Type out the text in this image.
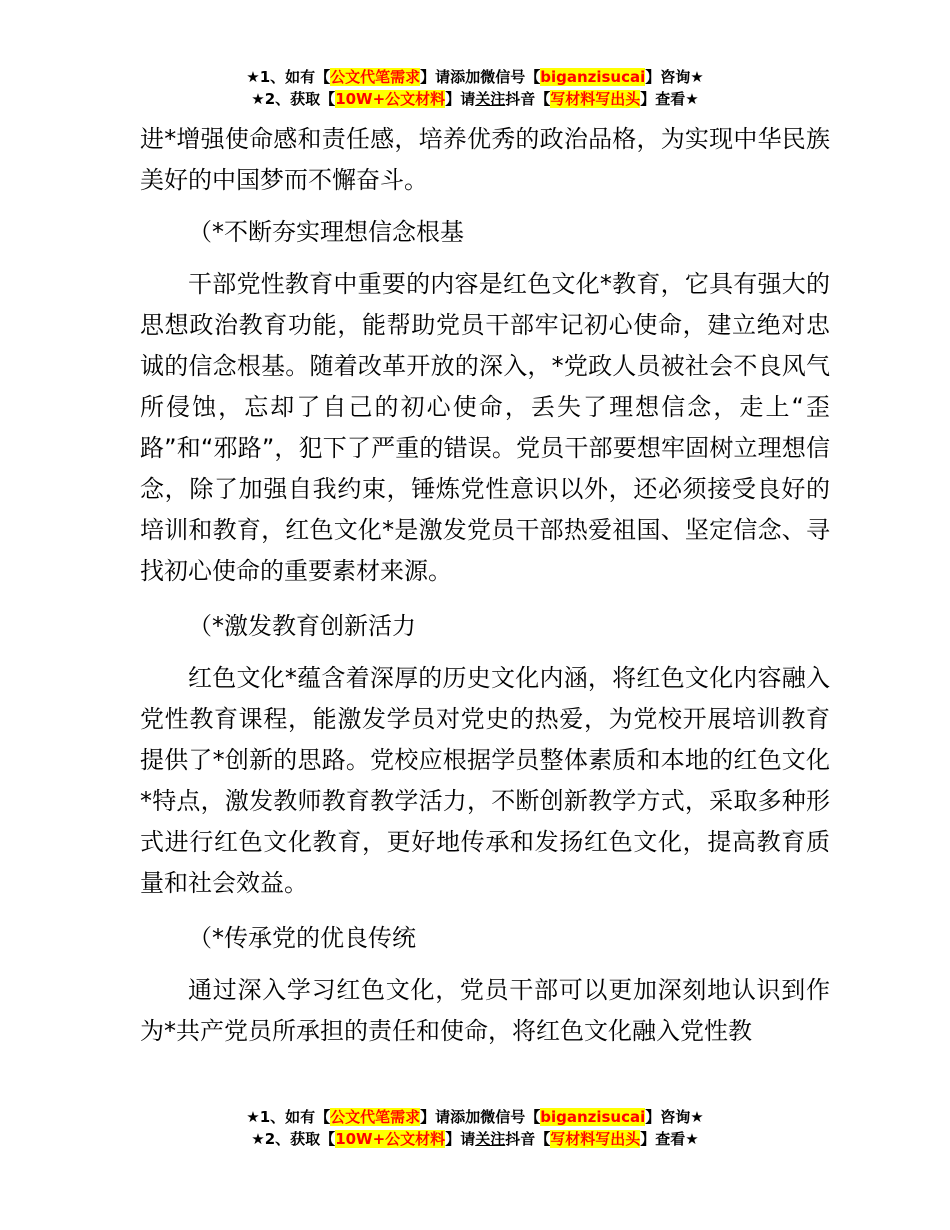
★1、如有【公文代笔需求】请添加微信号【biganzisucai】咨询★
★2、获取【10W+公文材料】请关注抖音【写材料写出头】查看★

进*增强使命感和责任感，培养优秀的政治品格，为实现中华民族美好的中国梦而不懈奋斗。

（*不断夯实理想信念根基

干部党性教育中重要的内容是红色文化*教育，它具有强大的思想政治教育功能，能帮助党员干部牢记初心使命，建立绝对忠诚的信念根基。随着改革开放的深入，*党政人员被社会不良风气所侵蚀，忘却了自己的初心使命，丢失了理想信念，走上“歪路”和“邪路”，犯下了严重的错误。党员干部要想牢固树立理想信念，除了加强自我约束，锤炼党性意识以外，还必须接受良好的培训和教育，红色文化*是激发党员干部热爱祖国、坚定信念、寻找初心使命的重要素材来源。

（*激发教育创新活力

红色文化*蕴含着深厚的历史文化内涵，将红色文化内容融入党性教育课程，能激发学员对党史的热爱，为党校开展培训教育提供了*创新的思路。党校应根据学员整体素质和本地的红色文化*特点，激发教师教育教学活力，不断创新教学方式，采取多种形式进行红色文化教育，更好地传承和发扬红色文化，提高教育质量和社会效益。

（*传承党的优良传统

通过深入学习红色文化，党员干部可以更加深刻地认识到作为*共产党员所承担的责任和使命，将红色文化融入党性教

★1、如有【公文代笔需求】请添加微信号【biganzisucai】咨询★
★2、获取【10W+公文材料】请关注抖音【写材料写出头】查看★
